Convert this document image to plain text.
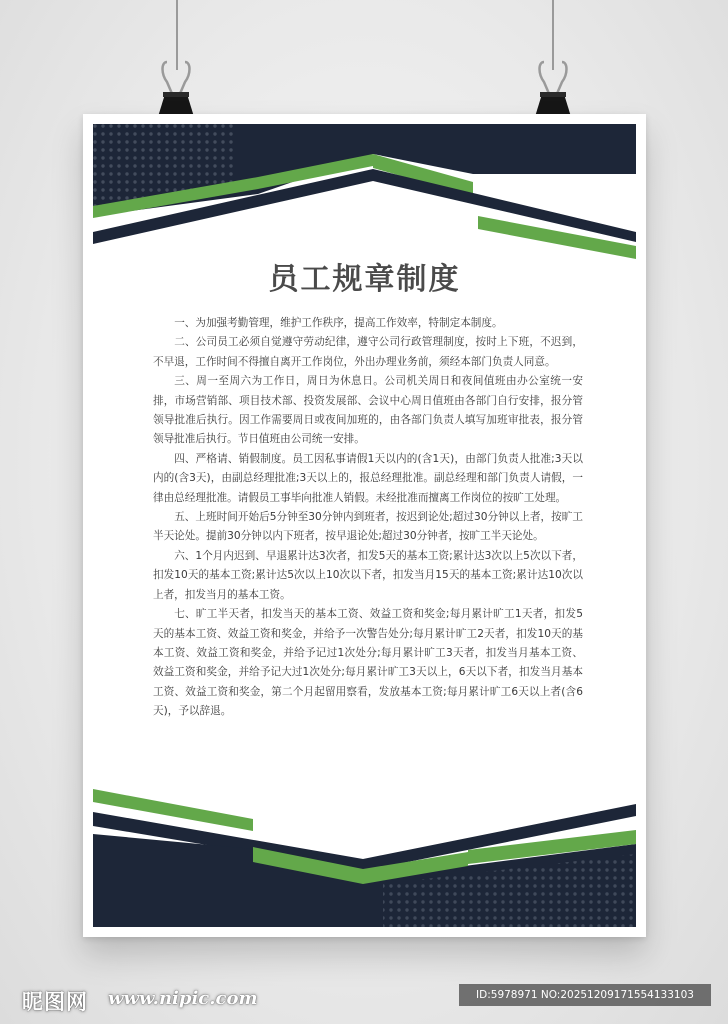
员工规章制度

一、为加强考勤管理，维护工作秩序，提高工作效率，特制定本制度。

二、公司员工必须自觉遵守劳动纪律，遵守公司行政管理制度，按时上下班，不迟到，不早退，工作时间不得擅自离开工作岗位，外出办理业务前，须经本部门负责人同意。

三、周一至周六为工作日，周日为休息日。公司机关周日和夜间值班由办公室统一安排，市场营销部、项目技术部、投资发展部、会议中心周日值班由各部门自行安排，报分管领导批准后执行。因工作需要周日或夜间加班的，由各部门负责人填写加班审批表，报分管领导批准后执行。节日值班由公司统一安排。

四、严格请、销假制度。员工因私事请假1天以内的(含1天)，由部门负责人批准;3天以内的(含3天)，由副总经理批准;3天以上的，报总经理批准。副总经理和部门负责人请假，一律由总经理批准。请假员工事毕向批准人销假。未经批准而擅离工作岗位的按旷工处理。

五、上班时间开始后5分钟至30分钟内到班者，按迟到论处;超过30分钟以上者，按旷工半天论处。提前30分钟以内下班者，按早退论处;超过30分钟者，按旷工半天论处。

六、1个月内迟到、早退累计达3次者，扣发5天的基本工资;累计达3次以上5次以下者，扣发10天的基本工资;累计达5次以上10次以下者，扣发当月15天的基本工资;累计达10次以上者，扣发当月的基本工资。

七、旷工半天者，扣发当天的基本工资、效益工资和奖金;每月累计旷工1天者，扣发5天的基本工资、效益工资和奖金，并给予一次警告处分;每月累计旷工2天者，扣发10天的基本工资、效益工资和奖金，并给予记过1次处分;每月累计旷工3天者，扣发当月基本工资、效益工资和奖金，并给予记大过1次处分;每月累计旷工3天以上，6天以下者，扣发当月基本工资、效益工资和奖金，第二个月起留用察看，发放基本工资;每月累计旷工6天以上者(含6天)，予以辞退。

昵图网 www.nipic.com	ID:5978971 NO:20251209171554133103
